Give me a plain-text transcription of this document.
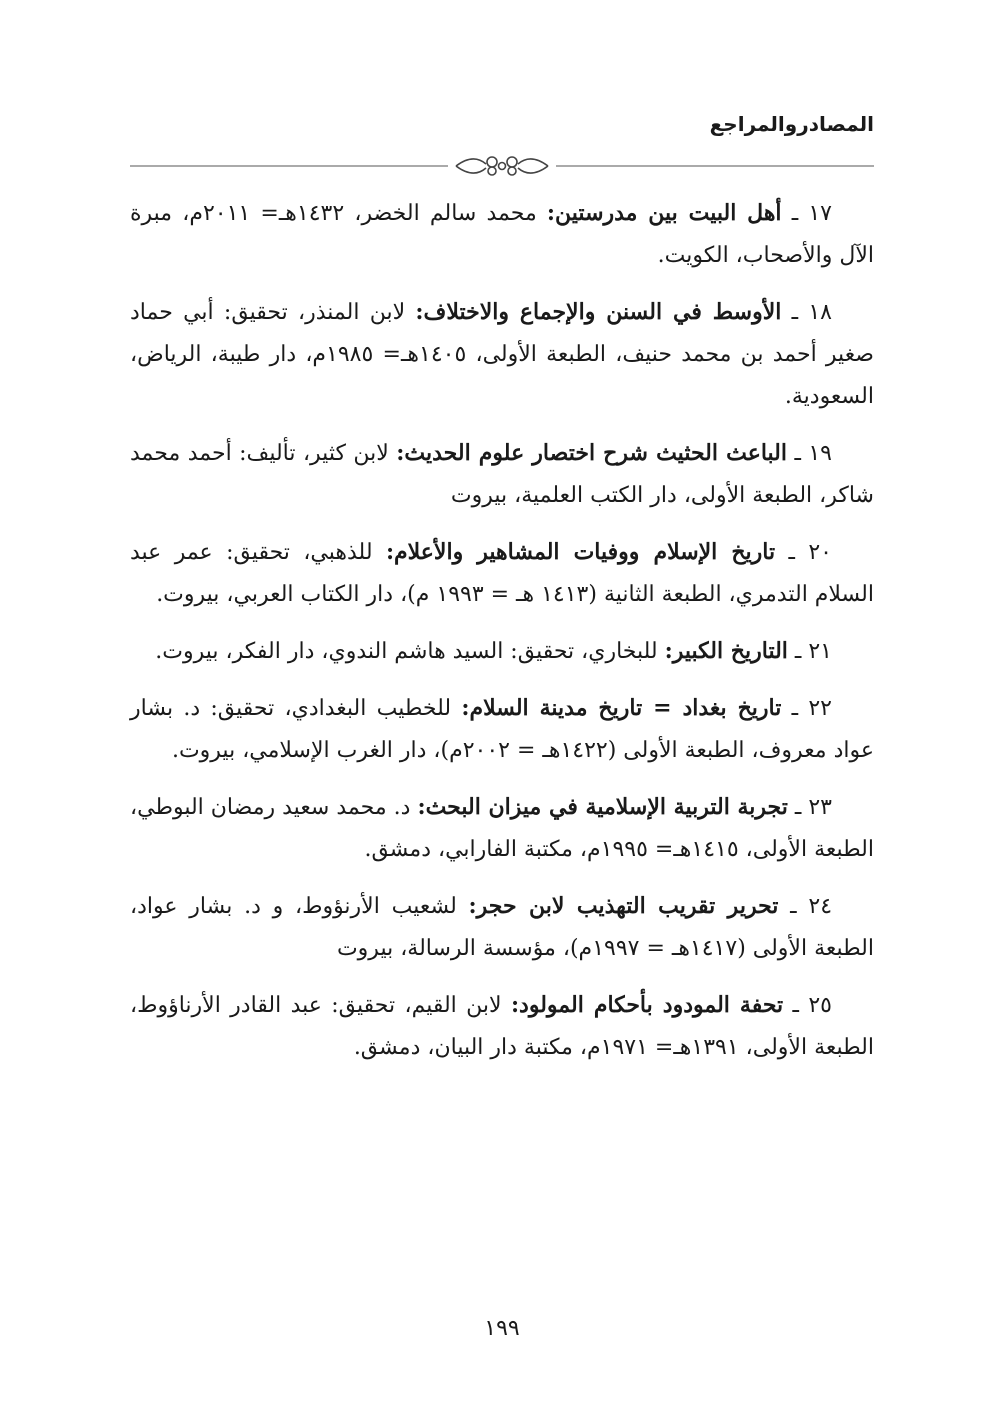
المصادروالمراجع

١٧ ـ أهل البيت بين مدرستين: محمد سالم الخضر، ١٤٣٢هـ= ٢٠١١م، مبرة الآل والأصحاب، الكويت.

١٨ ـ الأوسط في السنن والإجماع والاختلاف: لابن المنذر، تحقيق: أبي حماد صغير أحمد بن محمد حنيف، الطبعة الأولى، ١٤٠٥هـ= ١٩٨٥م، دار طيبة، الرياض، السعودية.

١٩ ـ الباعث الحثيث شرح اختصار علوم الحديث: لابن كثير، تأليف: أحمد محمد شاكر، الطبعة الأولى، دار الكتب العلمية، بيروت

٢٠ ـ تاريخ الإسلام ووفيات المشاهير والأعلام: للذهبي، تحقيق: عمر عبد السلام التدمري، الطبعة الثانية (١٤١٣ هـ = ١٩٩٣ م)، دار الكتاب العربي، بيروت.

٢١ ـ التاريخ الكبير: للبخاري، تحقيق: السيد هاشم الندوي، دار الفكر، بيروت.

٢٢ ـ تاريخ بغداد = تاريخ مدينة السلام: للخطيب البغدادي، تحقيق: د. بشار عواد معروف، الطبعة الأولى (١٤٢٢هـ = ٢٠٠٢م)، دار الغرب الإسلامي، بيروت.

٢٣ ـ تجربة التربية الإسلامية في ميزان البحث: د. محمد سعيد رمضان البوطي، الطبعة الأولى، ١٤١٥هـ= ١٩٩٥م، مكتبة الفارابي، دمشق.

٢٤ ـ تحرير تقريب التهذيب لابن حجر: لشعيب الأرنؤوط، و د. بشار عواد، الطبعة الأولى (١٤١٧هـ = ١٩٩٧م)، مؤسسة الرسالة، بيروت

٢٥ ـ تحفة المودود بأحكام المولود: لابن القيم، تحقيق: عبد القادر الأرناؤوط، الطبعة الأولى، ١٣٩١هـ= ١٩٧١م، مكتبة دار البيان، دمشق.

١٩٩
